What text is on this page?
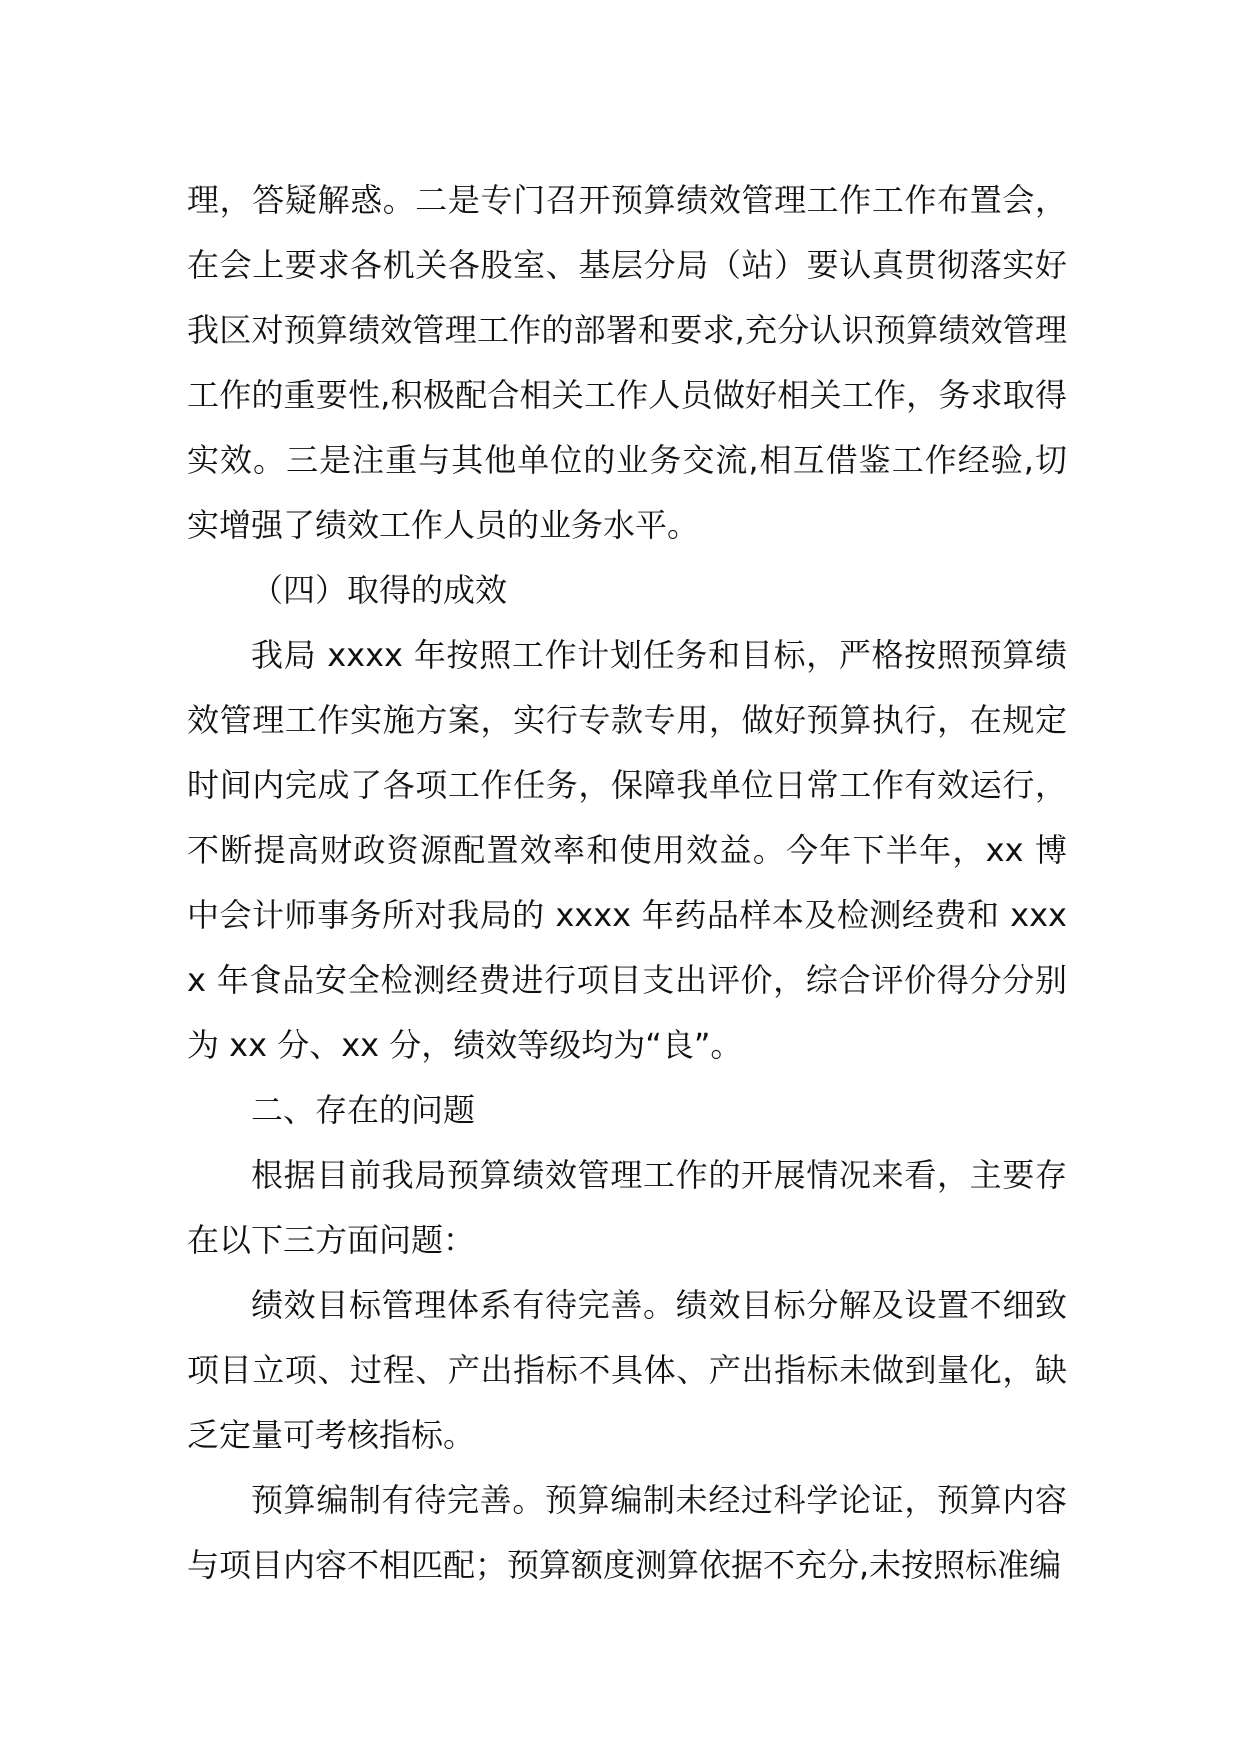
理，答疑解惑。二是专门召开预算绩效管理工作工作布置会，在会上要求各机关各股室、基层分局（站）要认真贯彻落实好我区对预算绩效管理工作的部署和要求,充分认识预算绩效管理工作的重要性,积极配合相关工作人员做好相关工作，务求取得实效。三是注重与其他单位的业务交流,相互借鉴工作经验,切实增强了绩效工作人员的业务水平。

（四）取得的成效

我局 xxxx 年按照工作计划任务和目标，严格按照预算绩效管理工作实施方案，实行专款专用，做好预算执行，在规定时间内完成了各项工作任务，保障我单位日常工作有效运行，不断提高财政资源配置效率和使用效益。今年下半年，xx 博中会计师事务所对我局的 xxxx 年药品样本及检测经费和 xxxx 年食品安全检测经费进行项目支出评价，综合评价得分分别为 xx 分、xx 分，绩效等级均为“良”。

二、存在的问题

根据目前我局预算绩效管理工作的开展情况来看，主要存在以下三方面问题：

绩效目标管理体系有待完善。绩效目标分解及设置不细致项目立项、过程、产出指标不具体、产出指标未做到量化，缺乏定量可考核指标。

预算编制有待完善。预算编制未经过科学论证，预算内容与项目内容不相匹配；预算额度测算依据不充分,未按照标准编
